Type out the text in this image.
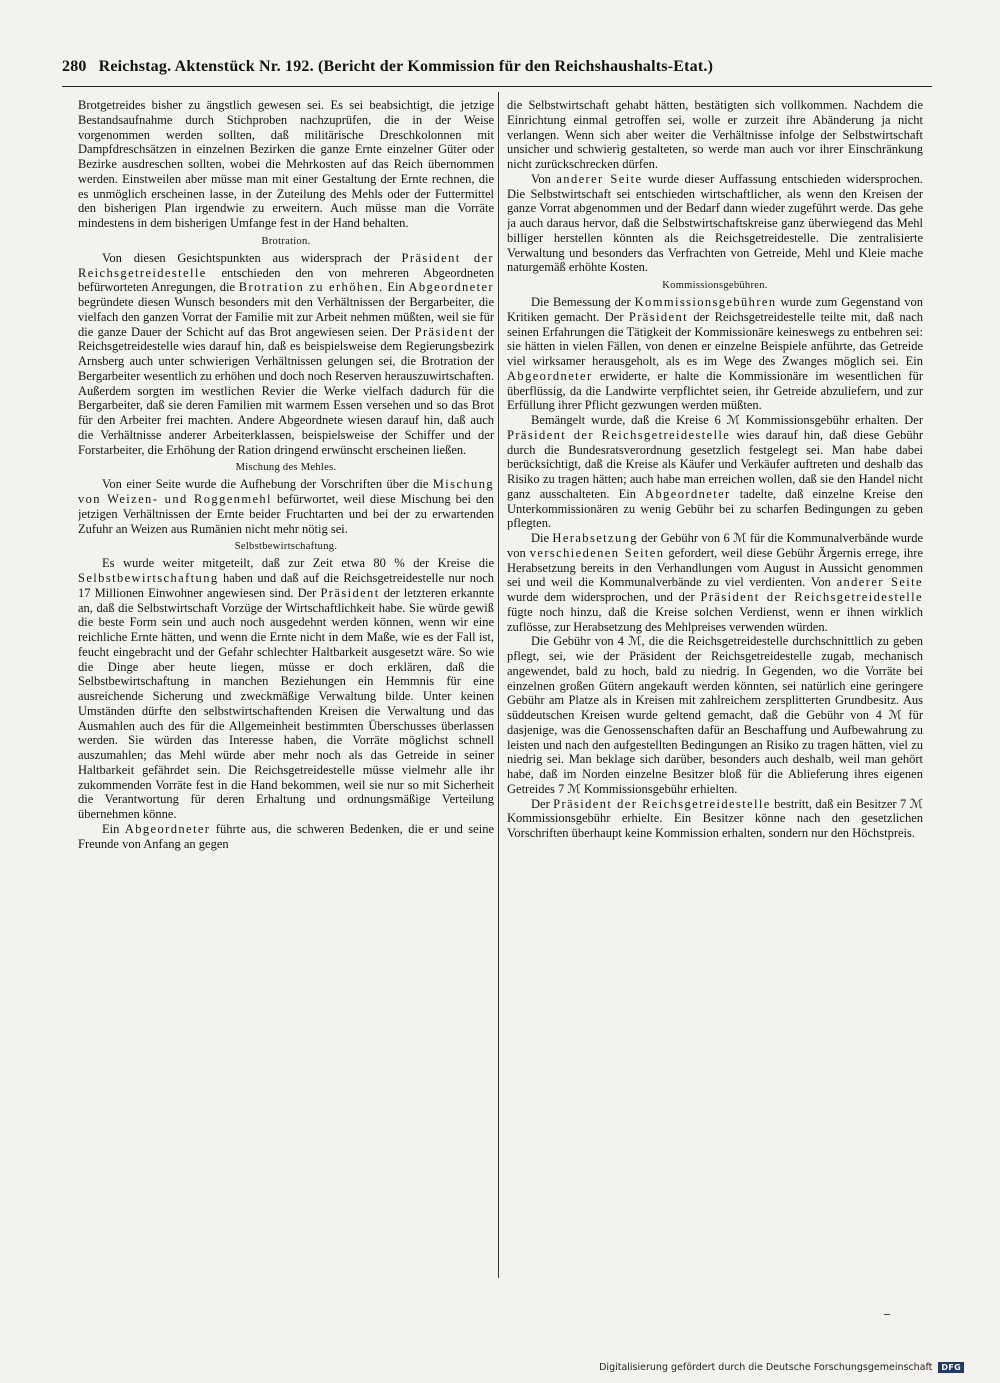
280 Reichstag. Aktenstück Nr. 192. (Bericht der Kommission für den Reichshaushalts-Etat.)

Brotgetreides bisher zu ängstlich gewesen sei. Es sei beabsichtigt, die jetzige Bestandsaufnahme durch Stichproben nachzuprüfen, die in der Weise vorgenommen werden sollten, daß militärische Dreschkolonnen mit Dampfdreschsätzen in einzelnen Bezirken die ganze Ernte einzelner Güter oder Bezirke ausdreschen sollten, wobei die Mehrkosten auf das Reich übernommen werden. Einstweilen aber müsse man mit einer Gestaltung der Ernte rechnen, die es unmöglich erscheinen lasse, in der Zuteilung des Mehls oder der Futtermittel den bisherigen Plan irgendwie zu erweitern. Auch müsse man die Vorräte mindestens in dem bisherigen Umfange fest in der Hand behalten.

Brotration.

Von diesen Gesichtspunkten aus widersprach der Präsident der Reichsgetreidestelle entschieden den von mehreren Abgeordneten befürworteten Anregungen, die Brotration zu erhöhen. Ein Abgeordneter begründete diesen Wunsch besonders mit den Verhältnissen der Bergarbeiter, die vielfach den ganzen Vorrat der Familie mit zur Arbeit nehmen müßten, weil sie für die ganze Dauer der Schicht auf das Brot angewiesen seien. Der Präsident der Reichsgetreidestelle wies darauf hin, daß es beispielsweise dem Regierungsbezirk Arnsberg auch unter schwierigen Verhältnissen gelungen sei, die Brotration der Bergarbeiter wesentlich zu erhöhen und doch noch Reserven herauszuwirtschaften. Außerdem sorgten im westlichen Revier die Werke vielfach dadurch für die Bergarbeiter, daß sie deren Familien mit warmem Essen versehen und so das Brot für den Arbeiter frei machten. Andere Abgeordnete wiesen darauf hin, daß auch die Verhältnisse anderer Arbeiterklassen, beispielsweise der Schiffer und der Forstarbeiter, die Erhöhung der Ration dringend erwünscht erscheinen ließen.

Mischung des Mehles.

Von einer Seite wurde die Aufhebung der Vorschriften über die Mischung von Weizen- und Roggenmehl befürwortet, weil diese Mischung bei den jetzigen Verhältnissen der Ernte beider Fruchtarten und bei der zu erwartenden Zufuhr an Weizen aus Rumänien nicht mehr nötig sei.

Selbstbewirtschaftung.

Es wurde weiter mitgeteilt, daß zur Zeit etwa 80 % der Kreise die Selbstbewirtschaftung haben und daß auf die Reichsgetreidestelle nur noch 17 Millionen Einwohner angewiesen sind. Der Präsident der letzteren erkannte an, daß die Selbstwirtschaft Vorzüge der Wirtschaftlichkeit habe. Sie würde gewiß die beste Form sein und auch noch ausgedehnt werden können, wenn wir eine reichliche Ernte hätten, und wenn die Ernte nicht in dem Maße, wie es der Fall ist, feucht eingebracht und der Gefahr schlechter Haltbarkeit ausgesetzt wäre. So wie die Dinge aber heute liegen, müsse er doch erklären, daß die Selbstbewirtschaftung in manchen Beziehungen ein Hemmnis für eine ausreichende Sicherung und zweckmäßige Verwaltung bilde. Unter keinen Umständen dürfte den selbstwirtschaftenden Kreisen die Verwaltung und das Ausmahlen auch des für die Allgemeinheit bestimmten Überschusses überlassen werden. Sie würden das Interesse haben, die Vorräte möglichst schnell auszumahlen; das Mehl würde aber mehr noch als das Getreide in seiner Haltbarkeit gefährdet sein. Die Reichsgetreidestelle müsse vielmehr alle ihr zukommenden Vorräte fest in die Hand bekommen, weil sie nur so mit Sicherheit die Verantwortung für deren Erhaltung und ordnungsmäßige Verteilung übernehmen könne.

Ein Abgeordneter führte aus, die schweren Bedenken, die er und seine Freunde von Anfang an gegen

die Selbstwirtschaft gehabt hätten, bestätigten sich vollkommen. Nachdem die Einrichtung einmal getroffen sei, wolle er zurzeit ihre Abänderung ja nicht verlangen. Wenn sich aber weiter die Verhältnisse infolge der Selbstwirtschaft unsicher und schwierig gestalteten, so werde man auch vor ihrer Einschränkung nicht zurückschrecken dürfen.

Von anderer Seite wurde dieser Auffassung entschieden widersprochen. Die Selbstwirtschaft sei entschieden wirtschaftlicher, als wenn den Kreisen der ganze Vorrat abgenommen und der Bedarf dann wieder zugeführt werde. Das gehe ja auch daraus hervor, daß die Selbstwirtschaftskreise ganz überwiegend das Mehl billiger herstellen könnten als die Reichsgetreidestelle. Die zentralisierte Verwaltung und besonders das Verfrachten von Getreide, Mehl und Kleie mache naturgemäß erhöhte Kosten.

Kommissionsgebühren.

Die Bemessung der Kommissionsgebühren wurde zum Gegenstand von Kritiken gemacht. Der Präsident der Reichsgetreidestelle teilte mit, daß nach seinen Erfahrungen die Tätigkeit der Kommissionäre keineswegs zu entbehren sei: sie hätten in vielen Fällen, von denen er einzelne Beispiele anführte, das Getreide viel wirksamer herausgeholt, als es im Wege des Zwanges möglich sei. Ein Abgeordneter erwiderte, er halte die Kommissionäre im wesentlichen für überflüssig, da die Landwirte verpflichtet seien, ihr Getreide abzuliefern, und zur Erfüllung ihrer Pflicht gezwungen werden müßten.

Bemängelt wurde, daß die Kreise 6 ℳ Kommissionsgebühr erhalten. Der Präsident der Reichsgetreidestelle wies darauf hin, daß diese Gebühr durch die Bundesratsverordnung gesetzlich festgelegt sei. Man habe dabei berücksichtigt, daß die Kreise als Käufer und Verkäufer auftreten und deshalb das Risiko zu tragen hätten; auch habe man erreichen wollen, daß sie den Handel nicht ganz ausschalteten. Ein Abgeordneter tadelte, daß einzelne Kreise den Unterkommissionären zu wenig Gebühr bei zu scharfen Bedingungen zu geben pflegten.

Die Herabsetzung der Gebühr von 6 ℳ für die Kommunalverbände wurde von verschiedenen Seiten gefordert, weil diese Gebühr Ärgernis errege, ihre Herabsetzung bereits in den Verhandlungen vom August in Aussicht genommen sei und weil die Kommunalverbände zu viel verdienten. Von anderer Seite wurde dem widersprochen, und der Präsident der Reichsgetreidestelle fügte noch hinzu, daß die Kreise solchen Verdienst, wenn er ihnen wirklich zuflösse, zur Herabsetzung des Mehlpreises verwenden würden.

Die Gebühr von 4 ℳ, die die Reichsgetreidestelle durchschnittlich zu geben pflegt, sei, wie der Präsident der Reichsgetreidestelle zugab, mechanisch angewendet, bald zu hoch, bald zu niedrig. In Gegenden, wo die Vorräte bei einzelnen großen Gütern angekauft werden könnten, sei natürlich eine geringere Gebühr am Platze als in Kreisen mit zahlreichem zersplitterten Grundbesitz. Aus süddeutschen Kreisen wurde geltend gemacht, daß die Gebühr von 4 ℳ für dasjenige, was die Genossenschaften dafür an Beschaffung und Aufbewahrung zu leisten und nach den aufgestellten Bedingungen an Risiko zu tragen hätten, viel zu niedrig sei. Man beklage sich darüber, besonders auch deshalb, weil man gehört habe, daß im Norden einzelne Besitzer bloß für die Ablieferung ihres eigenen Getreides 7 ℳ Kommissionsgebühr erhielten.

Der Präsident der Reichsgetreidestelle bestritt, daß ein Besitzer 7 ℳ Kommissionsgebühr erhielte. Ein Besitzer könne nach den gesetzlichen Vorschriften überhaupt keine Kommission erhalten, sondern nur den Höchstpreis.

Digitalisierung gefördert durch die Deutsche Forschungsgemeinschaft	DFG
